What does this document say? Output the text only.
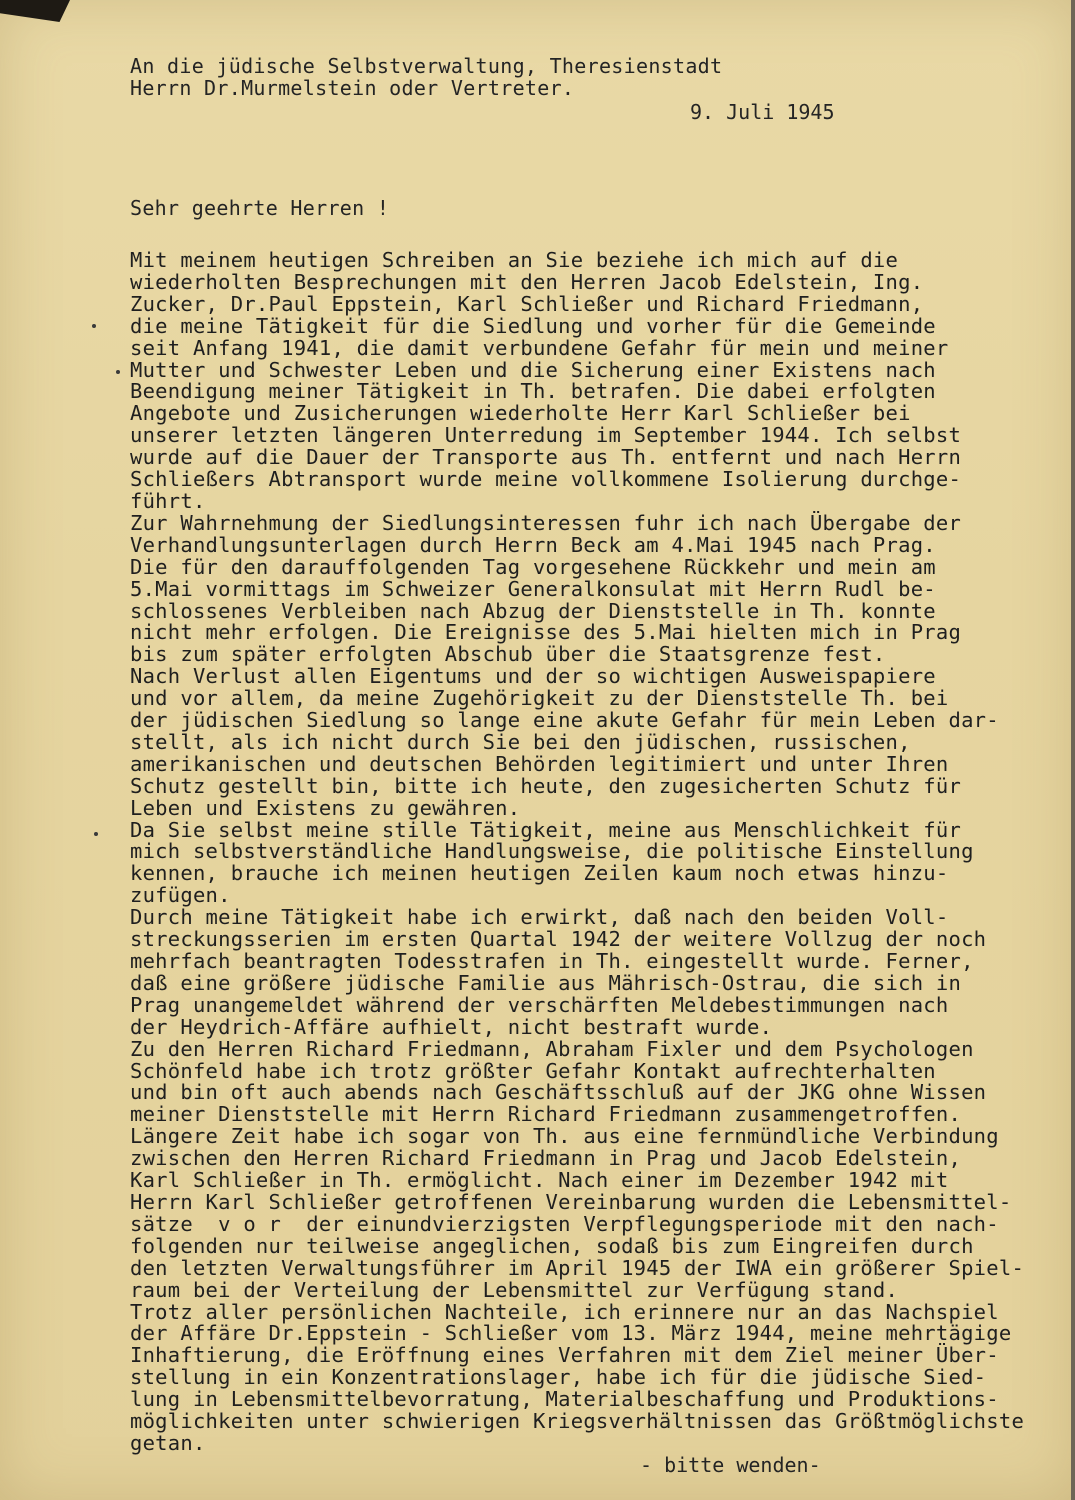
An die jüdische Selbstverwaltung, Theresienstadt
Herrn Dr.Murmelstein oder Vertreter.
9. Juli 1945
Sehr geehrte Herren !
Mit meinem heutigen Schreiben an Sie beziehe ich mich auf die
wiederholten Besprechungen mit den Herren Jacob Edelstein, Ing.
Zucker, Dr.Paul Eppstein, Karl Schließer und Richard Friedmann,
die meine Tätigkeit für die Siedlung und vorher für die Gemeinde
seit Anfang 1941, die damit verbundene Gefahr für mein und meiner
Mutter und Schwester Leben und die Sicherung einer Existens nach
Beendigung meiner Tätigkeit in Th. betrafen. Die dabei erfolgten
Angebote und Zusicherungen wiederholte Herr Karl Schließer bei
unserer letzten längeren Unterredung im September 1944. Ich selbst
wurde auf die Dauer der Transporte aus Th. entfernt und nach Herrn
Schließers Abtransport wurde meine vollkommene Isolierung durchge-
führt.
Zur Wahrnehmung der Siedlungsinteressen fuhr ich nach Übergabe der
Verhandlungsunterlagen durch Herrn Beck am 4.Mai 1945 nach Prag.
Die für den darauffolgenden Tag vorgesehene Rückkehr und mein am
5.Mai vormittags im Schweizer Generalkonsulat mit Herrn Rudl be-
schlossenes Verbleiben nach Abzug der Dienststelle in Th. konnte
nicht mehr erfolgen. Die Ereignisse des 5.Mai hielten mich in Prag
bis zum später erfolgten Abschub über die Staatsgrenze fest.
Nach Verlust allen Eigentums und der so wichtigen Ausweispapiere
und vor allem, da meine Zugehörigkeit zu der Dienststelle Th. bei
der jüdischen Siedlung so lange eine akute Gefahr für mein Leben dar-
stellt, als ich nicht durch Sie bei den jüdischen, russischen,
amerikanischen und deutschen Behörden legitimiert und unter Ihren
Schutz gestellt bin, bitte ich heute, den zugesicherten Schutz für
Leben und Existens zu gewähren.
Da Sie selbst meine stille Tätigkeit, meine aus Menschlichkeit für
mich selbstverständliche Handlungsweise, die politische Einstellung
kennen, brauche ich meinen heutigen Zeilen kaum noch etwas hinzu-
zufügen.
Durch meine Tätigkeit habe ich erwirkt, daß nach den beiden Voll-
streckungsserien im ersten Quartal 1942 der weitere Vollzug der noch
mehrfach beantragten Todesstrafen in Th. eingestellt wurde. Ferner,
daß eine größere jüdische Familie aus Mährisch-Ostrau, die sich in
Prag unangemeldet während der verschärften Meldebestimmungen nach
der Heydrich-Affäre aufhielt, nicht bestraft wurde.
Zu den Herren Richard Friedmann, Abraham Fixler und dem Psychologen
Schönfeld habe ich trotz größter Gefahr Kontakt aufrechterhalten
und bin oft auch abends nach Geschäftsschluß auf der JKG ohne Wissen
meiner Dienststelle mit Herrn Richard Friedmann zusammengetroffen.
Längere Zeit habe ich sogar von Th. aus eine fernmündliche Verbindung
zwischen den Herren Richard Friedmann in Prag und Jacob Edelstein,
Karl Schließer in Th. ermöglicht. Nach einer im Dezember 1942 mit
Herrn Karl Schließer getroffenen Vereinbarung wurden die Lebensmittel-
sätze  v o r  der einundvierzigsten Verpflegungsperiode mit den nach-
folgenden nur teilweise angeglichen, sodaß bis zum Eingreifen durch
den letzten Verwaltungsführer im April 1945 der IWA ein größerer Spiel-
raum bei der Verteilung der Lebensmittel zur Verfügung stand.
Trotz aller persönlichen Nachteile, ich erinnere nur an das Nachspiel
der Affäre Dr.Eppstein - Schließer vom 13. März 1944, meine mehrtägige
Inhaftierung, die Eröffnung eines Verfahren mit dem Ziel meiner Über-
stellung in ein Konzentrationslager, habe ich für die jüdische Sied-
lung in Lebensmittelbevorratung, Materialbeschaffung und Produktions-
möglichkeiten unter schwierigen Kriegsverhältnissen das Größtmöglichste
getan.
- bitte wenden-
